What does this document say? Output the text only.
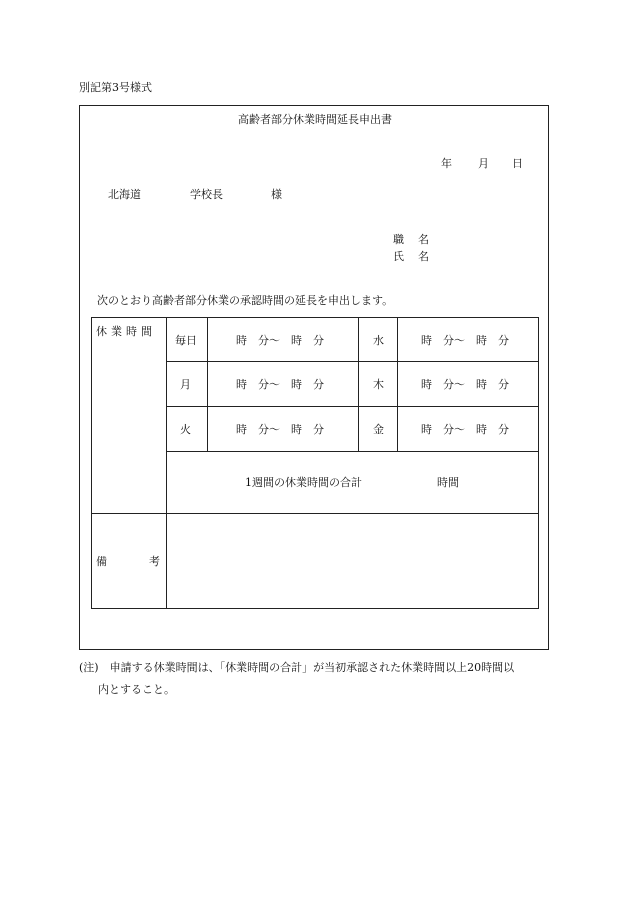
別記第3号様式
高齢者部分休業時間延長申出書
年 月 日
北海道	学校長	様
職 名
氏 名
次のとおり高齢者部分休業の承認時間の延長を申出します。
休業時間
毎日	時　分～　時　分	水	時　分～　時　分
月	時　分～　時　分	木	時　分～　時　分
火	時　分～　時　分	金	時　分～　時　分
1週間の休業時間の合計	時間
備	考
(注)　申請する休業時間は、「休業時間の合計」が当初承認された休業時間以上20時間以
内とすること。
